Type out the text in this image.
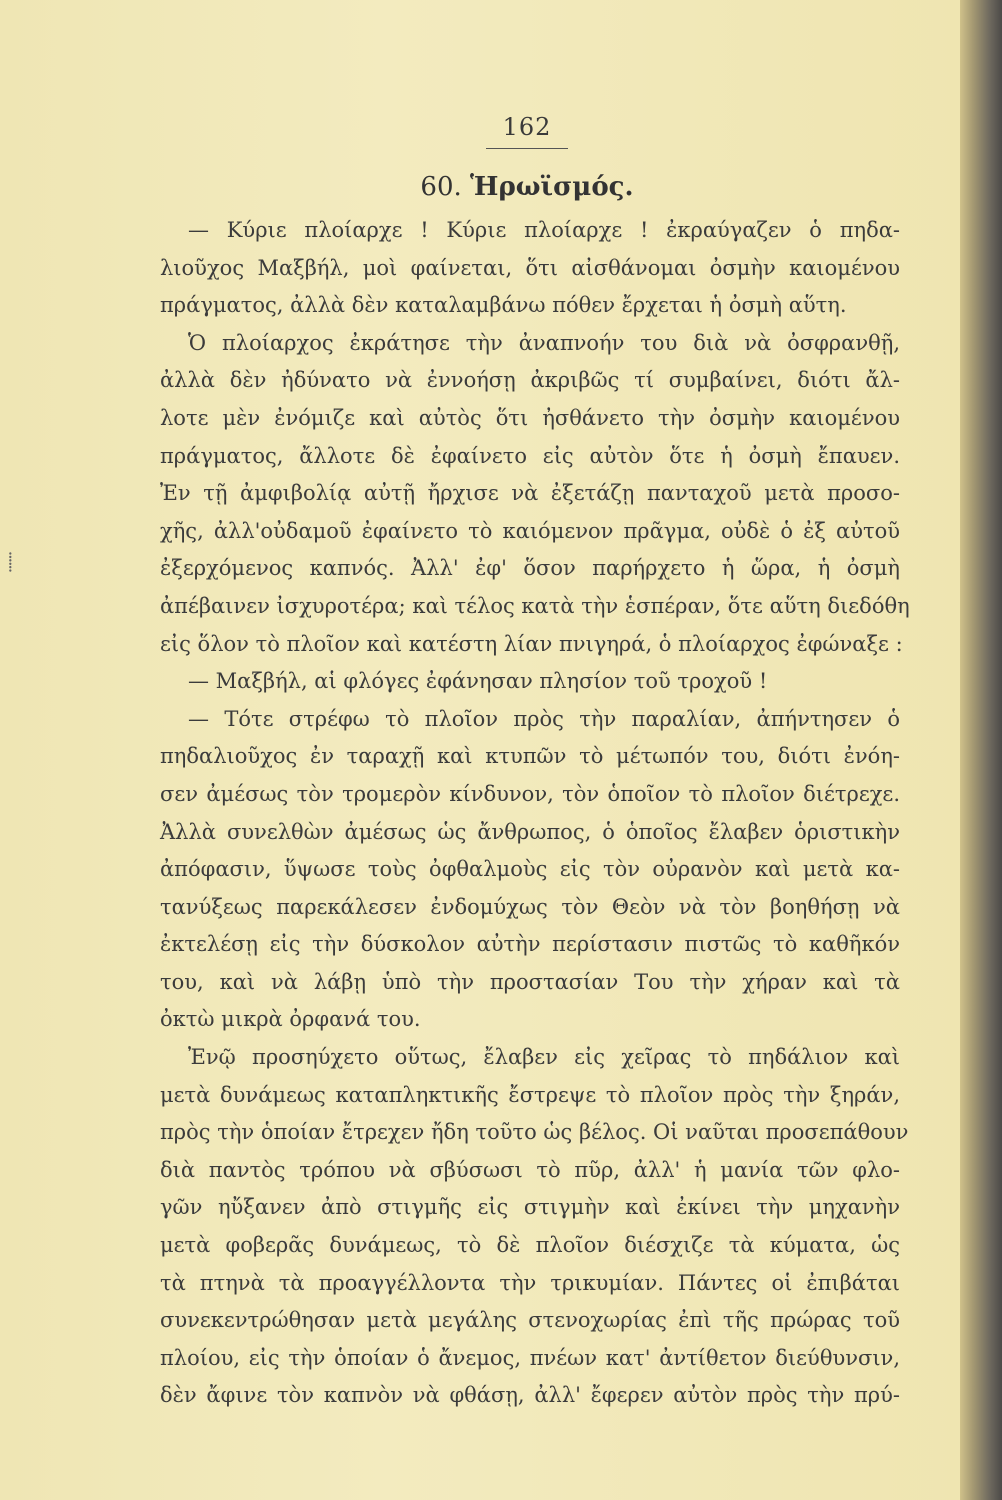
162
60. Ἡρωϊσμός.
⸽
— Κύριε πλοίαρχε ! Κύριε πλοίαρχε ! ἐκραύγαζεν ὁ πηδα-
λιοῦχος Μαξβήλ, μοὶ φαίνεται, ὅτι αἰσθάνομαι ὀσμὴν καιομένου
πράγματος, ἀλλὰ δὲν καταλαμβάνω πόθεν ἔρχεται ἡ ὀσμὴ αὕτη.
Ὁ πλοίαρχος ἐκράτησε τὴν ἀναπνοήν του διὰ νὰ ὀσφρανθῇ,
ἀλλὰ δὲν ἠδύνατο νὰ ἐννοήσῃ ἀκριβῶς τί συμβαίνει, διότι ἄλ-
λοτε μὲν ἐνόμιζε καὶ αὐτὸς ὅτι ἠσθάνετο τὴν ὀσμὴν καιομένου
πράγματος, ἄλλοτε δὲ ἐφαίνετο εἰς αὐτὸν ὅτε ἡ ὀσμὴ ἔπαυεν.
Ἐν τῇ ἀμφιβολίᾳ αὐτῇ ἤρχισε νὰ ἐξετάζῃ πανταχοῦ μετὰ προσο-
χῆς, ἀλλ'οὐδαμοῦ ἐφαίνετο τὸ καιόμενον πρᾶγμα, οὐδὲ ὁ ἐξ αὐτοῦ
ἐξερχόμενος καπνός. Ἀλλ' ἐφ' ὅσον παρήρχετο ἡ ὥρα, ἡ ὀσμὴ
ἀπέβαινεν ἰσχυροτέρα; καὶ τέλος κατὰ τὴν ἑσπέραν, ὅτε αὕτη διεδόθη
εἰς ὅλον τὸ πλοῖον καὶ κατέστη λίαν πνιγηρά, ὁ πλοίαρχος ἐφώναξε :
— Μαξβήλ, αἱ φλόγες ἐφάνησαν πλησίον τοῦ τροχοῦ !
— Τότε στρέφω τὸ πλοῖον πρὸς τὴν παραλίαν, ἀπήντησεν ὁ
πηδαλιοῦχος ἐν ταραχῇ καὶ κτυπῶν τὸ μέτωπόν του, διότι ἐνόη-
σεν ἀμέσως τὸν τρομερὸν κίνδυνον, τὸν ὁποῖον τὸ πλοῖον διέτρεχε.
Ἀλλὰ συνελθὼν ἀμέσως ὡς ἄνθρωπος, ὁ ὁποῖος ἔλαβεν ὁριστικὴν
ἀπόφασιν, ὕψωσε τοὺς ὀφθαλμοὺς εἰς τὸν οὐρανὸν καὶ μετὰ κα-
τανύξεως παρεκάλεσεν ἐνδομύχως τὸν Θεὸν νὰ τὸν βοηθήσῃ νὰ
ἐκτελέσῃ εἰς τὴν δύσκολον αὐτὴν περίστασιν πιστῶς τὸ καθῆκόν
του, καὶ νὰ λάβῃ ὑπὸ τὴν προστασίαν Του τὴν χήραν καὶ τὰ
ὀκτὼ μικρὰ ὀρφανά του.
Ἐνῷ προσηύχετο οὕτως, ἔλαβεν εἰς χεῖρας τὸ πηδάλιον καὶ
μετὰ δυνάμεως καταπληκτικῆς ἔστρεψε τὸ πλοῖον πρὸς τὴν ξηράν,
πρὸς τὴν ὁποίαν ἔτρεχεν ἤδη τοῦτο ὡς βέλος. Οἱ ναῦται προσεπάθουν
διὰ παντὸς τρόπου νὰ σβύσωσι τὸ πῦρ, ἀλλ' ἡ μανία τῶν φλο-
γῶν ηὔξανεν ἀπὸ στιγμῆς εἰς στιγμὴν καὶ ἐκίνει τὴν μηχανὴν
μετὰ φοβερᾶς δυνάμεως, τὸ δὲ πλοῖον διέσχιζε τὰ κύματα, ὡς
τὰ πτηνὰ τὰ προαγγέλλοντα τὴν τρικυμίαν. Πάντες οἱ ἐπιβάται
συνεκεντρώθησαν μετὰ μεγάλης στενοχωρίας ἐπὶ τῆς πρώρας τοῦ
πλοίου, εἰς τὴν ὁποίαν ὁ ἄνεμος, πνέων κατ' ἀντίθετον διεύθυνσιν,
δὲν ἄφινε τὸν καπνὸν νὰ φθάσῃ, ἀλλ' ἔφερεν αὐτὸν πρὸς τὴν πρύ-
